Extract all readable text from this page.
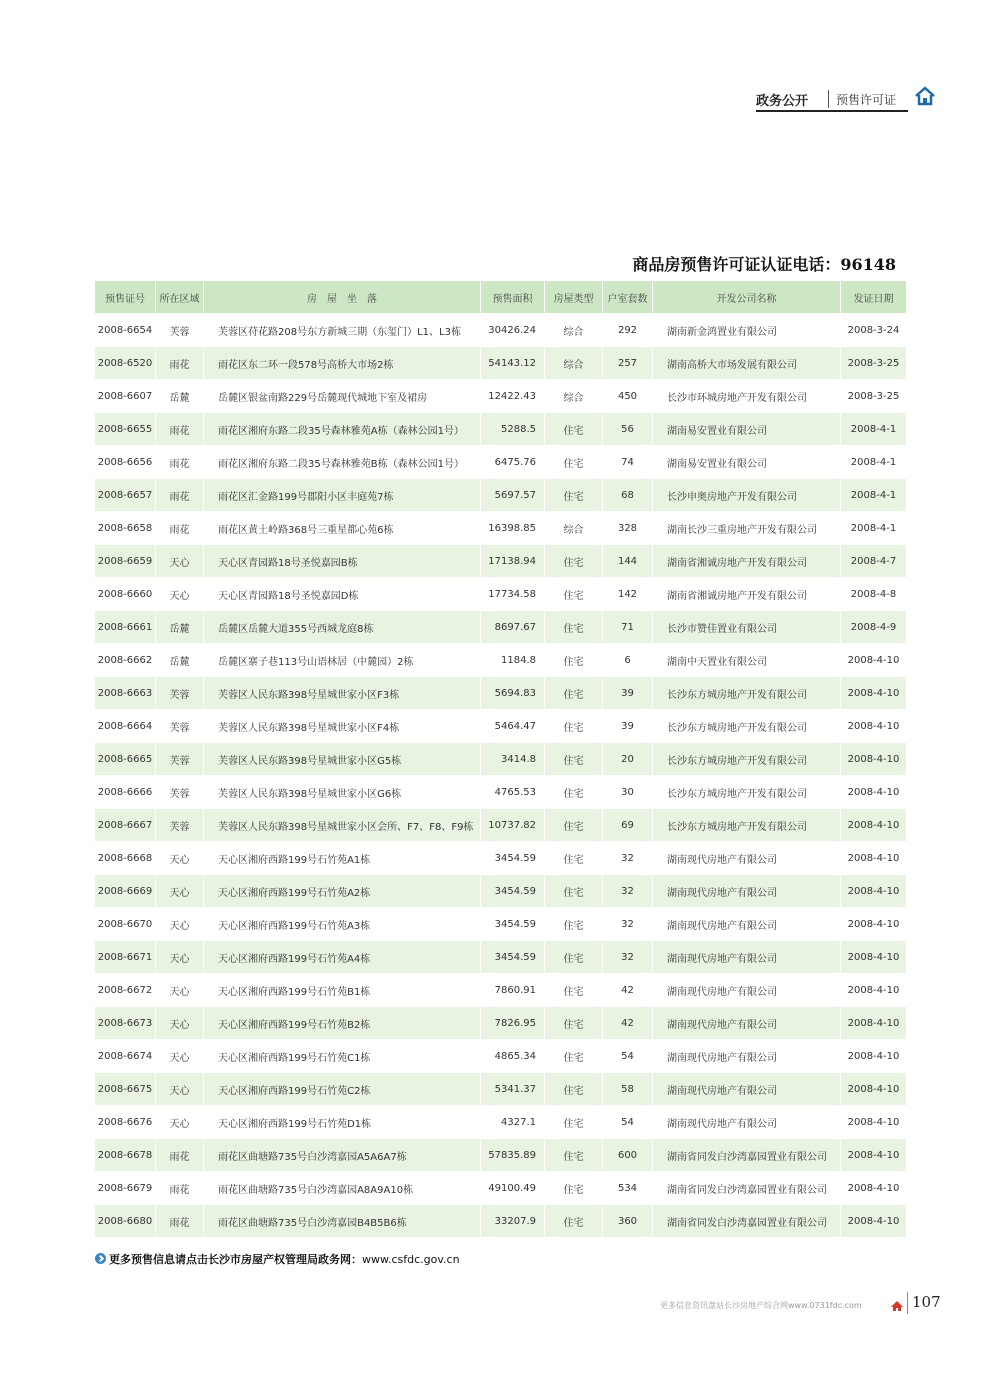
政务公开 预售许可证
商品房预售许可证认证电话：96148
预售证号	所在区域	房　屋　坐　落	预售面积	房屋类型	户室套数	开发公司名称	发证日期
2008-6654	芙蓉	芙蓉区苻花路208号东方新城三期（东玺门）L1、L3栋	30426.24	综合	292	湖南新金鸿置业有限公司	2008-3-24
2008-6520	雨花	雨花区东二环一段578号高桥大市场2栋	54143.12	综合	257	湖南高桥大市场发展有限公司	2008-3-25
2008-6607	岳麓	岳麓区银盆南路229号岳麓现代城地下室及裙房	12422.43	综合	450	长沙市环城房地产开发有限公司	2008-3-25
2008-6655	雨花	雨花区湘府东路二段35号森林雅苑A栋（森林公园1号）	5288.5	住宅	56	湖南易安置业有限公司	2008-4-1
2008-6656	雨花	雨花区湘府东路二段35号森林雅苑B栋（森林公园1号）	6475.76	住宅	74	湖南易安置业有限公司	2008-4-1
2008-6657	雨花	雨花区汇金路199号郡阳小区丰庭苑7栋	5697.57	住宅	68	长沙申奥房地产开发有限公司	2008-4-1
2008-6658	雨花	雨花区黄土岭路368号三重星都心苑6栋	16398.85	综合	328	湖南长沙三重房地产开发有限公司	2008-4-1
2008-6659	天心	天心区青园路18号圣悦嘉园B栋	17138.94	住宅	144	湖南省湘诚房地产开发有限公司	2008-4-7
2008-6660	天心	天心区青园路18号圣悦嘉园D栋	17734.58	住宅	142	湖南省湘诚房地产开发有限公司	2008-4-8
2008-6661	岳麓	岳麓区岳麓大道355号西城龙庭8栋	8697.67	住宅	71	长沙市赞佳置业有限公司	2008-4-9
2008-6662	岳麓	岳麓区寨子巷113号山语林居（中麓园）2栋	1184.8	住宅	6	湖南中天置业有限公司	2008-4-10
2008-6663	芙蓉	芙蓉区人民东路398号星城世家小区F3栋	5694.83	住宅	39	长沙东方城房地产开发有限公司	2008-4-10
2008-6664	芙蓉	芙蓉区人民东路398号星城世家小区F4栋	5464.47	住宅	39	长沙东方城房地产开发有限公司	2008-4-10
2008-6665	芙蓉	芙蓉区人民东路398号星城世家小区G5栋	3414.8	住宅	20	长沙东方城房地产开发有限公司	2008-4-10
2008-6666	芙蓉	芙蓉区人民东路398号星城世家小区G6栋	4765.53	住宅	30	长沙东方城房地产开发有限公司	2008-4-10
2008-6667	芙蓉	芙蓉区人民东路398号星城世家小区会所、F7、F8、F9栋	10737.82	住宅	69	长沙东方城房地产开发有限公司	2008-4-10
2008-6668	天心	天心区湘府西路199号石竹苑A1栋	3454.59	住宅	32	湖南现代房地产有限公司	2008-4-10
2008-6669	天心	天心区湘府西路199号石竹苑A2栋	3454.59	住宅	32	湖南现代房地产有限公司	2008-4-10
2008-6670	天心	天心区湘府西路199号石竹苑A3栋	3454.59	住宅	32	湖南现代房地产有限公司	2008-4-10
2008-6671	天心	天心区湘府西路199号石竹苑A4栋	3454.59	住宅	32	湖南现代房地产有限公司	2008-4-10
2008-6672	天心	天心区湘府西路199号石竹苑B1栋	7860.91	住宅	42	湖南现代房地产有限公司	2008-4-10
2008-6673	天心	天心区湘府西路199号石竹苑B2栋	7826.95	住宅	42	湖南现代房地产有限公司	2008-4-10
2008-6674	天心	天心区湘府西路199号石竹苑C1栋	4865.34	住宅	54	湖南现代房地产有限公司	2008-4-10
2008-6675	天心	天心区湘府西路199号石竹苑C2栋	5341.37	住宅	58	湖南现代房地产有限公司	2008-4-10
2008-6676	天心	天心区湘府西路199号石竹苑D1栋	4327.1	住宅	54	湖南现代房地产有限公司	2008-4-10
2008-6678	雨花	雨花区曲塘路735号白沙湾嘉园A5A6A7栋	57835.89	住宅	600	湖南省同发白沙湾嘉园置业有限公司	2008-4-10
2008-6679	雨花	雨花区曲塘路735号白沙湾嘉园A8A9A10栋	49100.49	住宅	534	湖南省同发白沙湾嘉园置业有限公司	2008-4-10
2008-6680	雨花	雨花区曲塘路735号白沙湾嘉园B4B5B6栋	33207.9	住宅	360	湖南省同发白沙湾嘉园置业有限公司	2008-4-10
更多预售信息请点击长沙市房屋产权管理局政务网：www.csfdc.gov.cn
更多信息资讯盘站长沙房地产综合网www.0731fdc.com	107
